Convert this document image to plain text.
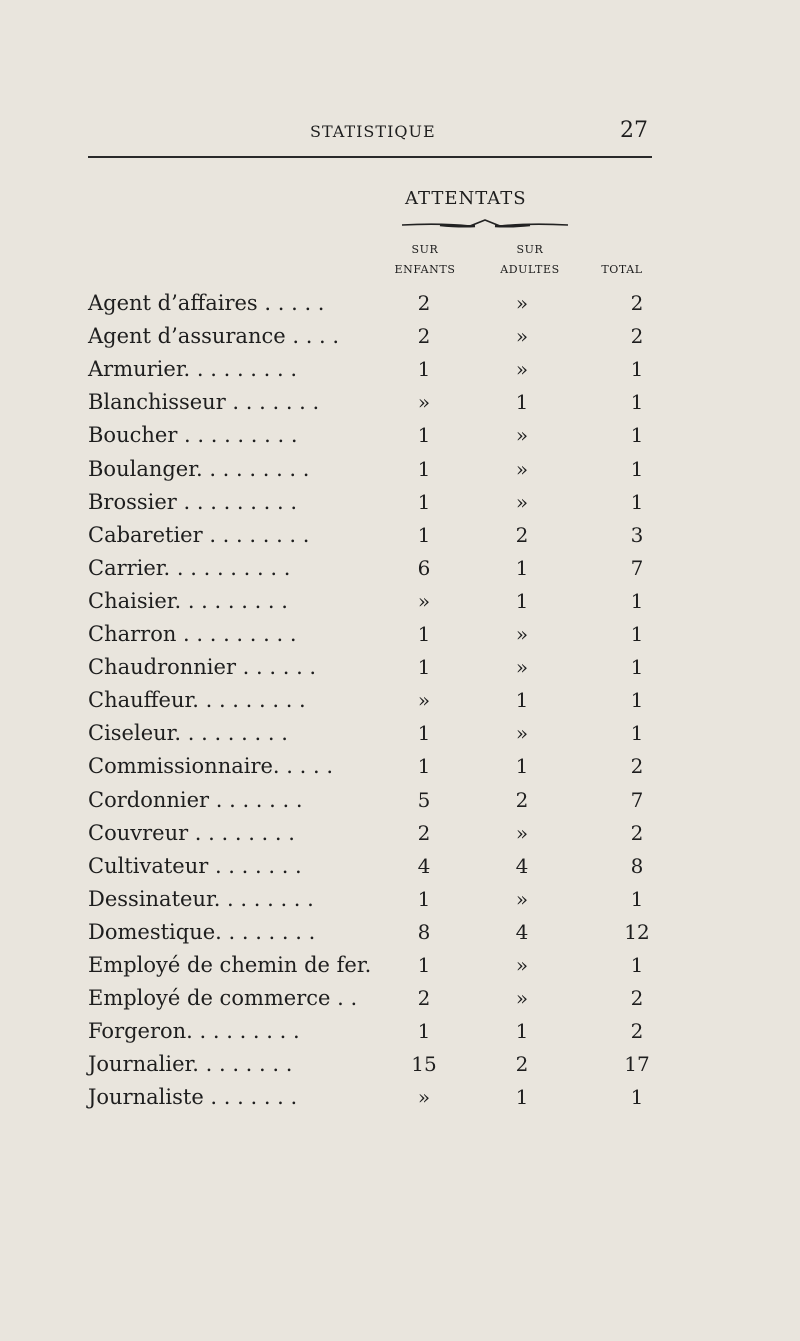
STATISTIQUE	27
ATTENTATS
SUR
ENFANTS
SUR
ADULTES
	TOTAL
Agent d’affaires . . . . .	2	»	2
Agent d’assurance . . . .	2	»	2
Armurier. . . . . . . . .	1	»	1
Blanchisseur . . . . . . .	»	1	1
Boucher . . . . . . . . .	1	»	1
Boulanger. . . . . . . . .	1	»	1
Brossier . . . . . . . . .	1	»	1
Cabaretier . . . . . . . .	1	2	3
Carrier. . . . . . . . . .	6	1	7
Chaisier. . . . . . . . .	»	1	1
Charron . . . . . . . . .	1	»	1
Chaudronnier . . . . . .	1	»	1
Chauffeur. . . . . . . . .	»	1	1
Ciseleur. . . . . . . . .	1	»	1
Commissionnaire. . . . .	1	1	2
Cordonnier . . . . . . .	5	2	7
Couvreur . . . . . . . .	2	»	2
Cultivateur . . . . . . .	4	4	8
Dessinateur. . . . . . . .	1	»	1
Domestique. . . . . . . .	8	4	12
Employé de chemin de fer.	1	»	1
Employé de commerce . .	2	»	2
Forgeron. . . . . . . . .	1	1	2
Journalier. . . . . . . .	15	2	17
Journaliste . . . . . . .	»	1	1
